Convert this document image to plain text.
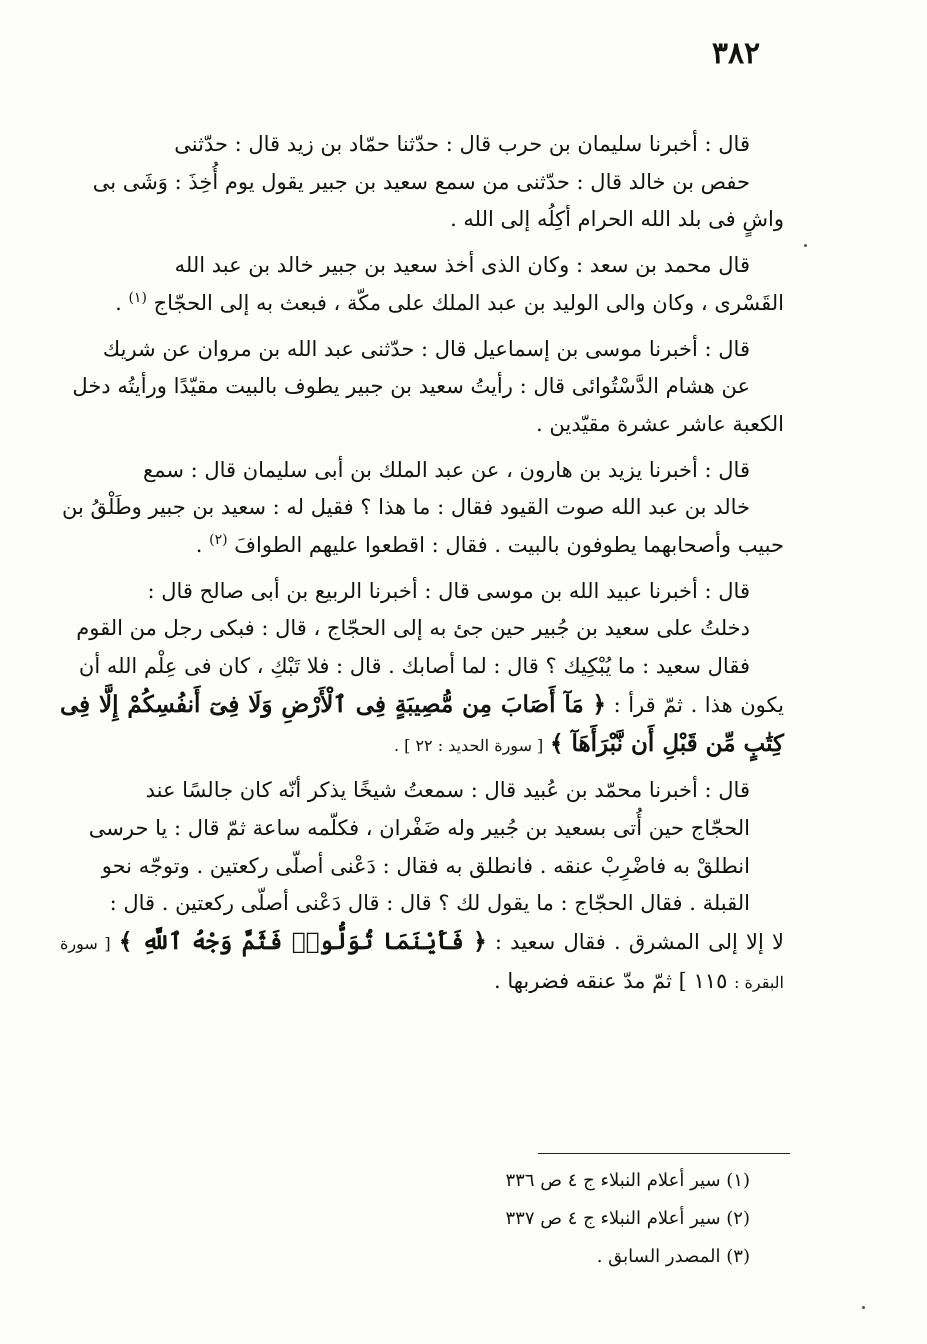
٣٨٢

قال : أخبرنا سليمان بن حرب قال : حدّثنا حمّاد بن زيد قال : حدّثنى
حفص بن خالد قال : حدّثنى من سمع سعيد بن جبير يقول يوم أُخِذَ : وَشَى بى
واشٍ فى بلد الله الحرام أكِلُه إلى الله .

قال محمد بن سعد : وكان الذى أخذ سعيد بن جبير خالد بن عبد الله
القَسْرى ، وكان والى الوليد بن عبد الملك على مكّة ، فبعث به إلى الحجّاج $^{(١)}$ .

قال : أخبرنا موسى بن إسماعيل قال : حدّثنى عبد الله بن مروان عن شريك
عن هشام الدَّسْتُوائى قال : رأيتُ سعيد بن جبير يطوف بالبيت مقيّدًا ورأيتُه دخل
الكعبة عاشر عشرة مقيّدين .

قال : أخبرنا يزيد بن هارون ، عن عبد الملك بن أبى سليمان قال : سمع
خالد بن عبد الله صوت القيود فقال : ما هذا ؟ فقيل له : سعيد بن جبير وطَلْقُ بن
حبيب وأصحابهما يطوفون بالبيت . فقال : اقطعوا عليهم الطوافَ $^{(٢)}$ .

قال : أخبرنا عبيد الله بن موسى قال : أخبرنا الربيع بن أبى صالح قال :
دخلتُ على سعيد بن جُبير حين جئ به إلى الحجّاج ، قال : فبكى رجل من القوم
فقال سعيد : ما يُبْكِيك ؟ قال : لما أصابك . قال : فلا تَبْكِ ، كان فى عِلْم الله أن
يكون هذا . ثمّ قرأ : ﴿ مَآ أَصَابَ مِن مُّصِيبَةٍ فِى ٱلْأَرْضِ وَلَا فِىٓ أَنفُسِكُمْ إِلَّا فِى كِتَٰبٍ مِّن قَبْلِ أَن نَّبْرَأَهَآ ﴾ [ سورة الحديد : ٢٢ ] .

قال : أخبرنا محمّد بن عُبيد قال : سمعتُ شيخًا يذكر أنّه كان جالسًا عند
الحجّاج حين أُتى بسعيد بن جُبير وله ضَفْران ، فكلّمه ساعة ثمّ قال : يا حرسى
انطلقْ به فاضْرِبْ عنقه . فانطلق به فقال : دَعْنى أصلّى ركعتين . وتوجّه نحو
القبلة . فقال الحجّاج : ما يقول لك ؟ قال : قال دَعْنى أصلّى ركعتين . قال :
لا إلا إلى المشرق . فقال سعيد : ﴿ فَأَيْنَمَا تُوَلُّوا۟ فَثَمَّ وَجْهُ ٱللَّهِ ﴾ [ سورة البقرة : ١١٥ ] ثمّ مدّ عنقه فضربها .

(١) سير أعلام النبلاء ج ٤ ص ٣٣٦
(٢) سير أعلام النبلاء ج ٤ ص ٣٣٧
(٣) المصدر السابق .
